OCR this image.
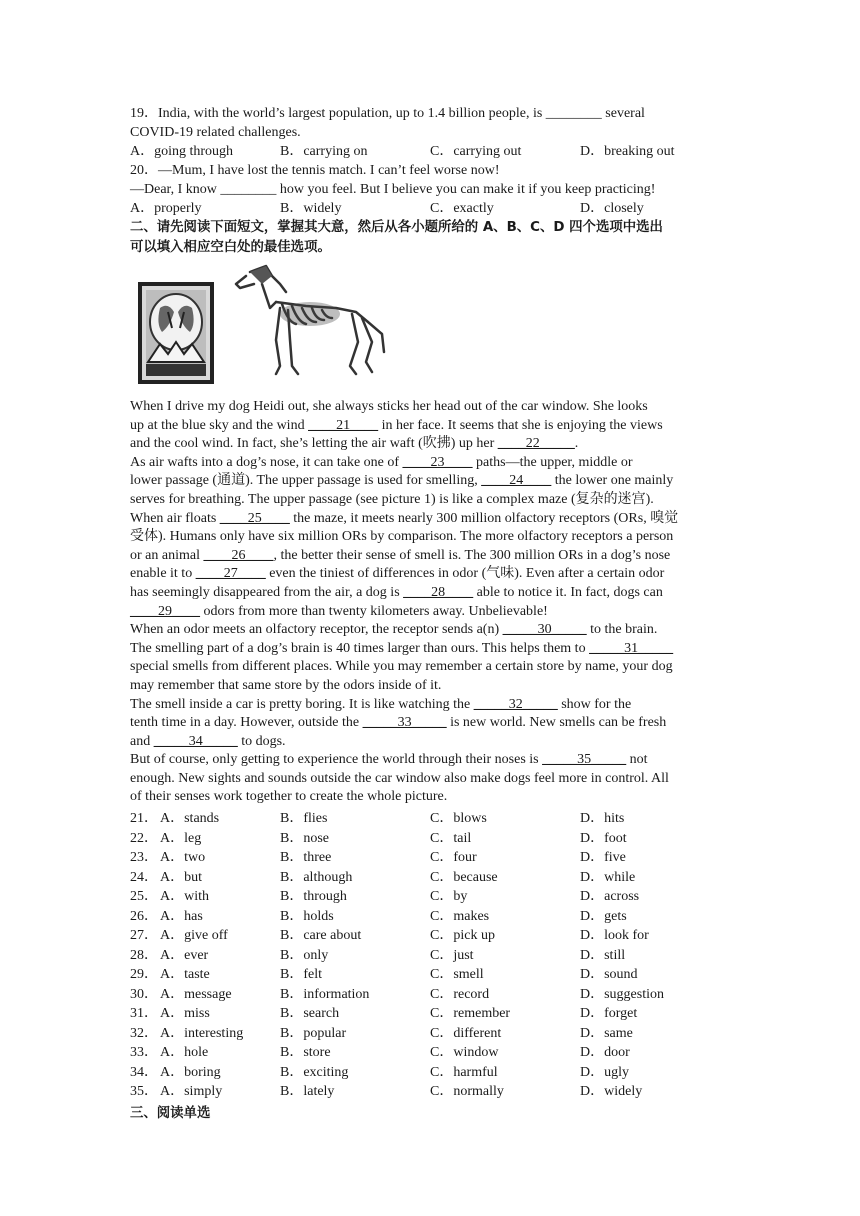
19．India, with the world’s largest population, up to 1.4 billion people, is ________ several
COVID-19 related challenges.
A．going through	B．carrying on	C．carrying out	D．breaking out
20．—Mum, I have lost the tennis match. I can’t feel worse now!
—Dear, I know ________ how you feel. But I believe you can make it if you keep practicing!
A．properly	B．widely	C．exactly	D．closely
二、请先阅读下面短文，掌握其大意，然后从各小题所给的 A、B、C、D 四个选项中选出
可以填入相应空白处的最佳选项。
When I drive my dog Heidi out, she always sticks her head out of the car window. She looks
up at the blue sky and the wind ____21____ in her face. It seems that she is enjoying the views
and the cool wind. In fact, she’s letting the air waft (吹拂) up her ____22_____.
As air wafts into a dog’s nose, it can take one of ____23____ paths—the upper, middle or
lower passage (通道). The upper passage is used for smelling, ____24____ the lower one mainly
serves for breathing. The upper passage (see picture 1) is like a complex maze (复杂的迷宫).
When air floats ____25____ the maze, it meets nearly 300 million olfactory receptors (ORs, 嗅觉
受体). Humans only have six million ORs by comparison. The more olfactory receptors a person
or an animal ____26____, the better their sense of smell is. The 300 million ORs in a dog’s nose
enable it to ____27____ even the tiniest of differences in odor (气味). Even after a certain odor
has seemingly disappeared from the air, a dog is ____28____ able to notice it. In fact, dogs can
____29____ odors from more than twenty kilometers away. Unbelievable!
When an odor meets an olfactory receptor, the receptor sends a(n) _____30_____ to the brain.
The smelling part of a dog’s brain is 40 times larger than ours. This helps them to _____31_____
special smells from different places. While you may remember a certain store by name, your dog
may remember that same store by the odors inside of it.
The smell inside a car is pretty boring. It is like watching the _____32_____ show for the
tenth time in a day. However, outside the _____33_____ is new world. New smells can be fresh
and _____34_____ to dogs.
But of course, only getting to experience the world through their noses is _____35_____ not
enough. New sights and sounds outside the car window also make dogs feel more in control. All
of their senses work together to create the whole picture.
21． A．stands	B．flies	C．blows	D．hits
22． A．leg	B．nose	C．tail	D．foot
23． A．two	B．three	C．four	D．five
24． A．but	B．although	C．because	D．while
25． A．with	B．through	C．by	D．across
26． A．has	B．holds	C．makes	D．gets
27． A．give off	B．care about	C．pick up	D．look for
28． A．ever	B．only	C．just	D．still
29． A．taste	B．felt	C．smell	D．sound
30． A．message	B．information	C．record	D．suggestion
31． A．miss	B．search	C．remember	D．forget
32． A．interesting	B．popular	C．different	D．same
33． A．hole	B．store	C．window	D．door
34． A．boring	B．exciting	C．harmful	D．ugly
35． A．simply	B．lately	C．normally	D．widely
三、阅读单选
